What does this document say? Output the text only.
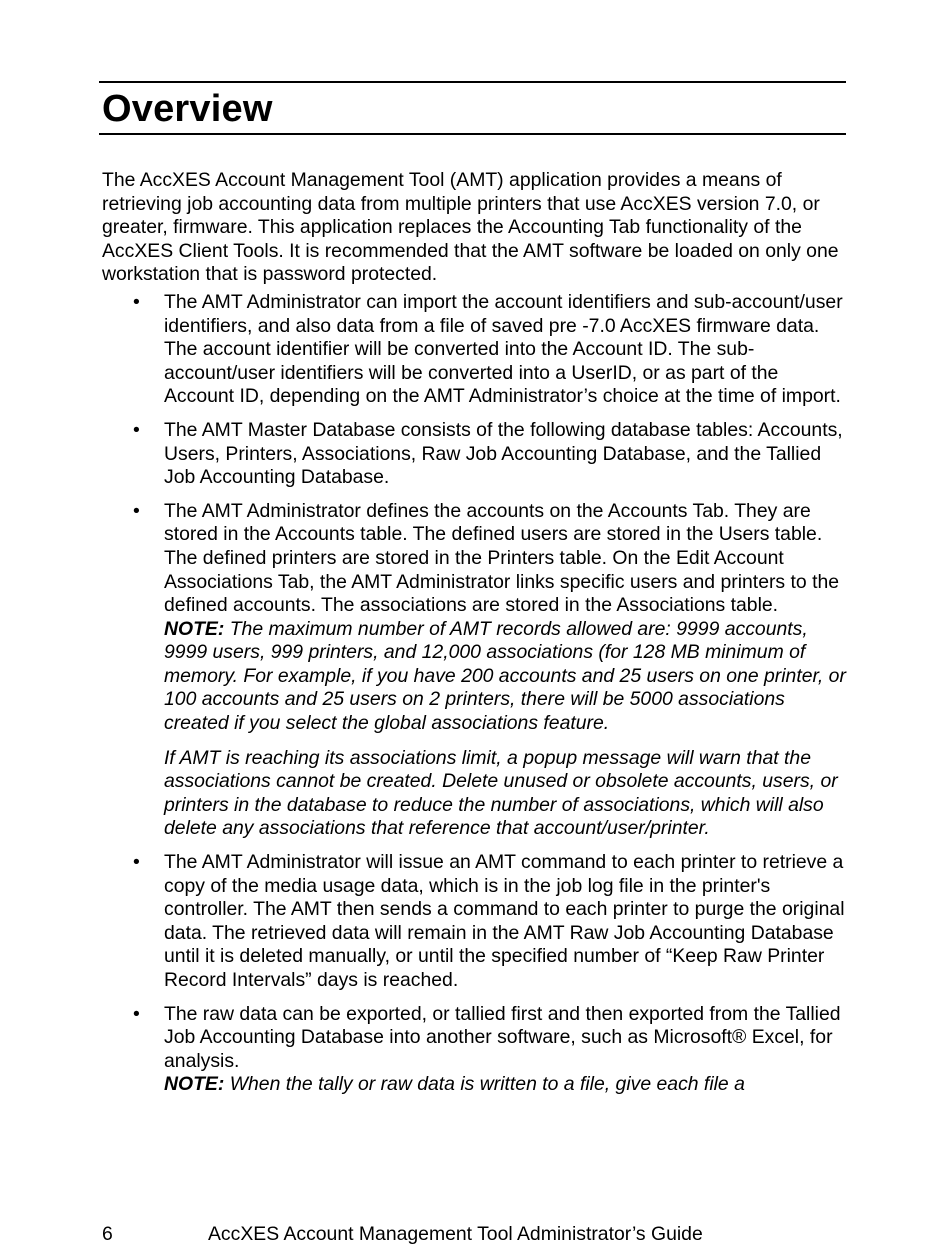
Overview

The AccXES Account Management Tool (AMT) application provides a means of retrieving job accounting data from multiple printers that use AccXES version 7.0, or greater, firmware. This application replaces the Accounting Tab functionality of the AccXES Client Tools. It is recommended that the AMT software be loaded on only one workstation that is password protected.

• The AMT Administrator can import the account identifiers and sub-account/user identifiers, and also data from a file of saved pre -7.0 AccXES firmware data. The account identifier will be converted into the Account ID. The sub-account/user identifiers will be converted into a UserID, or as part of the Account ID, depending on the AMT Administrator’s choice at the time of import.
• The AMT Master Database consists of the following database tables: Accounts, Users, Printers, Associations, Raw Job Accounting Database, and the Tallied Job Accounting Database.
• The AMT Administrator defines the accounts on the Accounts Tab. They are stored in the Accounts table. The defined users are stored in the Users table. The defined printers are stored in the Printers table. On the Edit Account Associations Tab, the AMT Administrator links specific users and printers to the defined accounts. The associations are stored in the Associations table.

NOTE: The maximum number of AMT records allowed are: 9999 accounts, 9999 users, 999 printers, and 12,000 associations (for 128 MB minimum of memory. For example, if you have 200 accounts and 25 users on one printer, or 100 accounts and 25 users on 2 printers, there will be 5000 associations created if you select the global associations feature.

If AMT is reaching its associations limit, a popup message will warn that the associations cannot be created. Delete unused or obsolete accounts, users, or printers in the database to reduce the number of associations, which will also delete any associations that reference that account/user/printer.

• The AMT Administrator will issue an AMT command to each printer to retrieve a copy of the media usage data, which is in the job log file in the printer's controller. The AMT then sends a command to each printer to purge the original data. The retrieved data will remain in the AMT Raw Job Accounting Database until it is deleted manually, or until the specified number of “Keep Raw Printer Record Intervals” days is reached.
• The raw data can be exported, or tallied first and then exported from the Tallied Job Accounting Database into another software, such as Microsoft® Excel, for analysis.

NOTE: When the tally or raw data is written to a file, give each file a

6	AccXES Account Management Tool Administrator’s Guide
